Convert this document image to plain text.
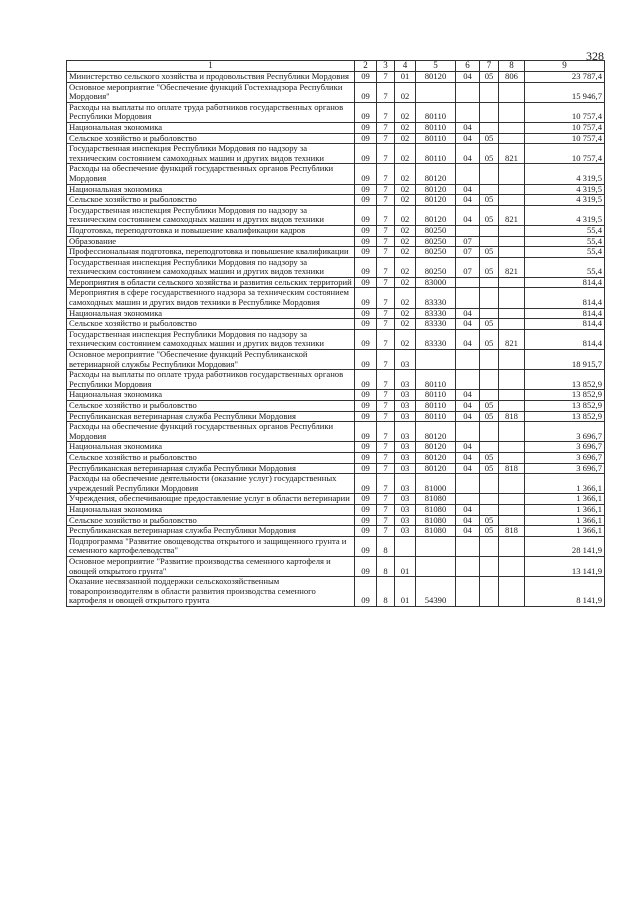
328
1	2	3	4	5	6	7	8	9
Министерство сельского хозяйства и продовольствия Республики Мордовия	09	7	01	80120	04	05	806	23 787,4
Основное мероприятие "Обеспечение функций Гостехнадзора Республики Мордовия"	09	7	02					15 946,7
Расходы на выплаты по оплате труда работников государственных органов Республики Мордовия	09	7	02	80110				10 757,4
Национальная экономика	09	7	02	80110	04			10 757,4
Сельское хозяйство и рыболовство	09	7	02	80110	04	05		10 757,4
Государственная инспекция Республики Мордовия по надзору за техническим состоянием самоходных машин и других видов техники	09	7	02	80110	04	05	821	10 757,4
Расходы на обеспечение функций государственных органов Республики Мордовия	09	7	02	80120				4 319,5
Национальная экономика	09	7	02	80120	04			4 319,5
Сельское хозяйство и рыболовство	09	7	02	80120	04	05		4 319,5
Государственная инспекция Республики Мордовия по надзору за техническим состоянием самоходных машин и других видов техники	09	7	02	80120	04	05	821	4 319,5
Подготовка, переподготовка и повышение квалификации кадров	09	7	02	80250				55,4
Образование	09	7	02	80250	07			55,4
Профессиональная подготовка, переподготовка и повышение квалификации	09	7	02	80250	07	05		55,4
Государственная инспекция Республики Мордовия по надзору за техническим состоянием самоходных машин и других видов техники	09	7	02	80250	07	05	821	55,4
Мероприятия в области сельского хозяйства и развития сельских территорий	09	7	02	83000				814,4
Мероприятия в сфере государственного надзора за техническим состоянием самоходных машин и других видов техники в Республике Мордовия	09	7	02	83330				814,4
Национальная экономика	09	7	02	83330	04			814,4
Сельское хозяйство и рыболовство	09	7	02	83330	04	05		814,4
Государственная инспекция Республики Мордовия по надзору за техническим состоянием самоходных машин и других видов техники	09	7	02	83330	04	05	821	814,4
Основное мероприятие "Обеспечение функций Республиканской ветеринарной службы Республики Мордовия"	09	7	03					18 915,7
Расходы на выплаты по оплате труда работников государственных органов Республики Мордовия	09	7	03	80110				13 852,9
Национальная экономика	09	7	03	80110	04			13 852,9
Сельское хозяйство и рыболовство	09	7	03	80110	04	05		13 852,9
Республиканская ветеринарная служба Республики Мордовия	09	7	03	80110	04	05	818	13 852,9
Расходы на обеспечение функций государственных органов Республики Мордовия	09	7	03	80120				3 696,7
Национальная экономика	09	7	03	80120	04			3 696,7
Сельское хозяйство и рыболовство	09	7	03	80120	04	05		3 696,7
Республиканская ветеринарная служба Республики Мордовия	09	7	03	80120	04	05	818	3 696,7
Расходы на обеспечение деятельности (оказание услуг) государственных учреждений Республики Мордовия	09	7	03	81000				1 366,1
Учреждения, обеспечивающие предоставление услуг в области ветеринарии	09	7	03	81080				1 366,1
Национальная экономика	09	7	03	81080	04			1 366,1
Сельское хозяйство и рыболовство	09	7	03	81080	04	05		1 366,1
Республиканская ветеринарная служба Республики Мордовия	09	7	03	81080	04	05	818	1 366,1
Подпрограмма "Развитие овощеводства открытого и защищенного грунта и семенного картофелеводства"	09	8						28 141,9
Основное мероприятие "Развитие производства семенного картофеля и овощей открытого грунта"	09	8	01					13 141,9
Оказание несвязанной поддержки сельскохозяйственным товаропроизводителям в области развития производства семенного картофеля и овощей открытого грунта	09	8	01	54390				8 141,9
